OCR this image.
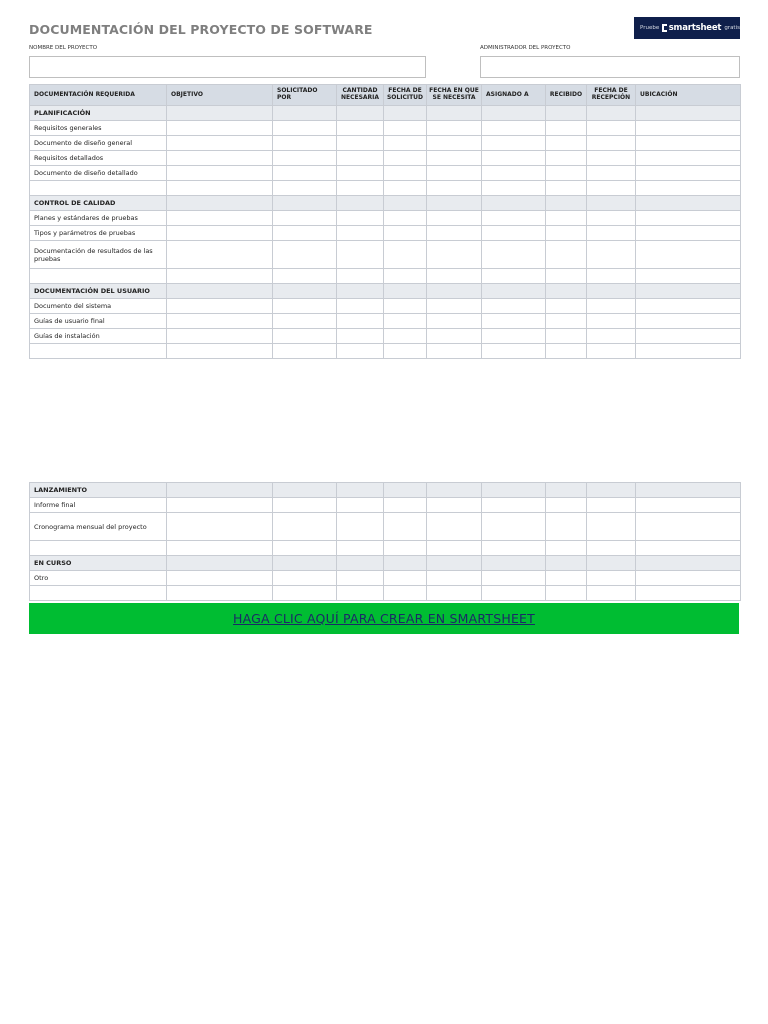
DOCUMENTACIÓN DEL PROYECTO DE SOFTWARE	Pruebe smartsheet gratis
NOMBRE DEL PROYECTO	ADMINISTRADOR DEL PROYECTO
DOCUMENTACIÓN REQUERIDA	OBJETIVO	SOLICITADO POR	CANTIDAD NECESARIA	FECHA DE SOLICITUD	FECHA EN QUE SE NECESITA	ASIGNADO A	RECIBIDO	FECHA DE RECEPCIÓN	UBICACIÓN
PLANIFICACIÓN									
Requisitos generales									
Documento de diseño general									
Requisitos detallados									
Documento de diseño detallado									

CONTROL DE CALIDAD									
Planes y estándares de pruebas									
Tipos y parámetros de pruebas									
Documentación de resultados de las pruebas									

DOCUMENTACIÓN DEL USUARIO									
Documento del sistema									
Guías de usuario final									
Guías de instalación									

LANZAMIENTO									
Informe final									
Cronograma mensual del proyecto									

EN CURSO									
Otro									

HAGA CLIC AQUÍ PARA CREAR EN SMARTSHEET
